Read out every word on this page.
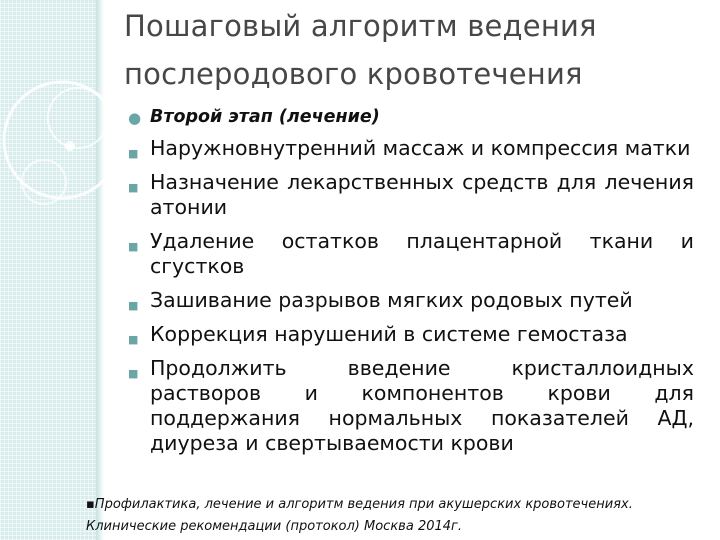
Пошаговый алгоритм ведения
послеродового кровотечения
● Второй этап (лечение)
■ Наружновнутренний массаж и компрессия матки
■ Назначение лекарственных средств для лечения атонии
■ Удаление остатков плацентарной ткани и сгустков
■ Зашивание разрывов мягких родовых путей
■ Коррекция нарушений в системе гемостаза
■ Продолжить введение кристаллоидных растворов и компонентов крови для поддержания нормальных показателей АД, диуреза и свертываемости крови
▪Профилактика, лечение и алгоритм ведения при акушерских кровотечениях.
Клинические рекомендации (протокол) Москва 2014г.
